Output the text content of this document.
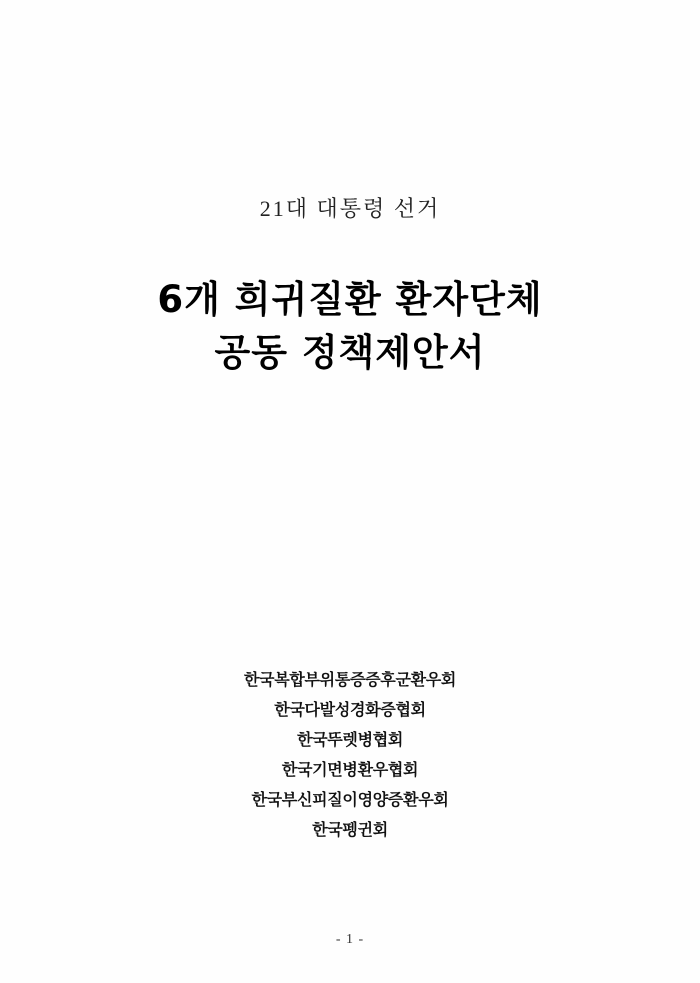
21대 대통령 선거
6개 희귀질환 환자단체
공동 정책제안서
한국복합부위통증증후군환우회
한국다발성경화증협회
한국뚜렛병협회
한국기면병환우협회
한국부신피질이영양증환우회
한국펭귄회
- 1 -
